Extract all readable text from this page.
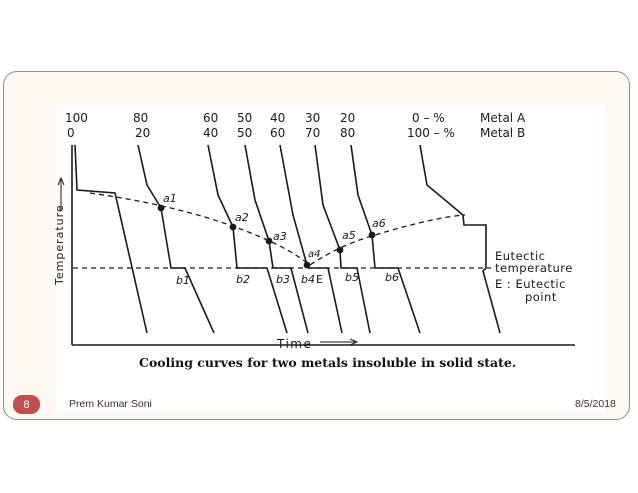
100	80	60 50 40 30 20	0 – %	Metal A
0	20	40 50 60 70 80	100 – % Metal B
Temperature
Time
a1
a2
a3
a4
a5
a6
b1	b2 b3 b4 E b5 b6
Eutectic
temperature
E : Eutectic
point
Cooling curves for two metals insoluble in solid state.
8	Prem Kumar Soni	8/5/2018
